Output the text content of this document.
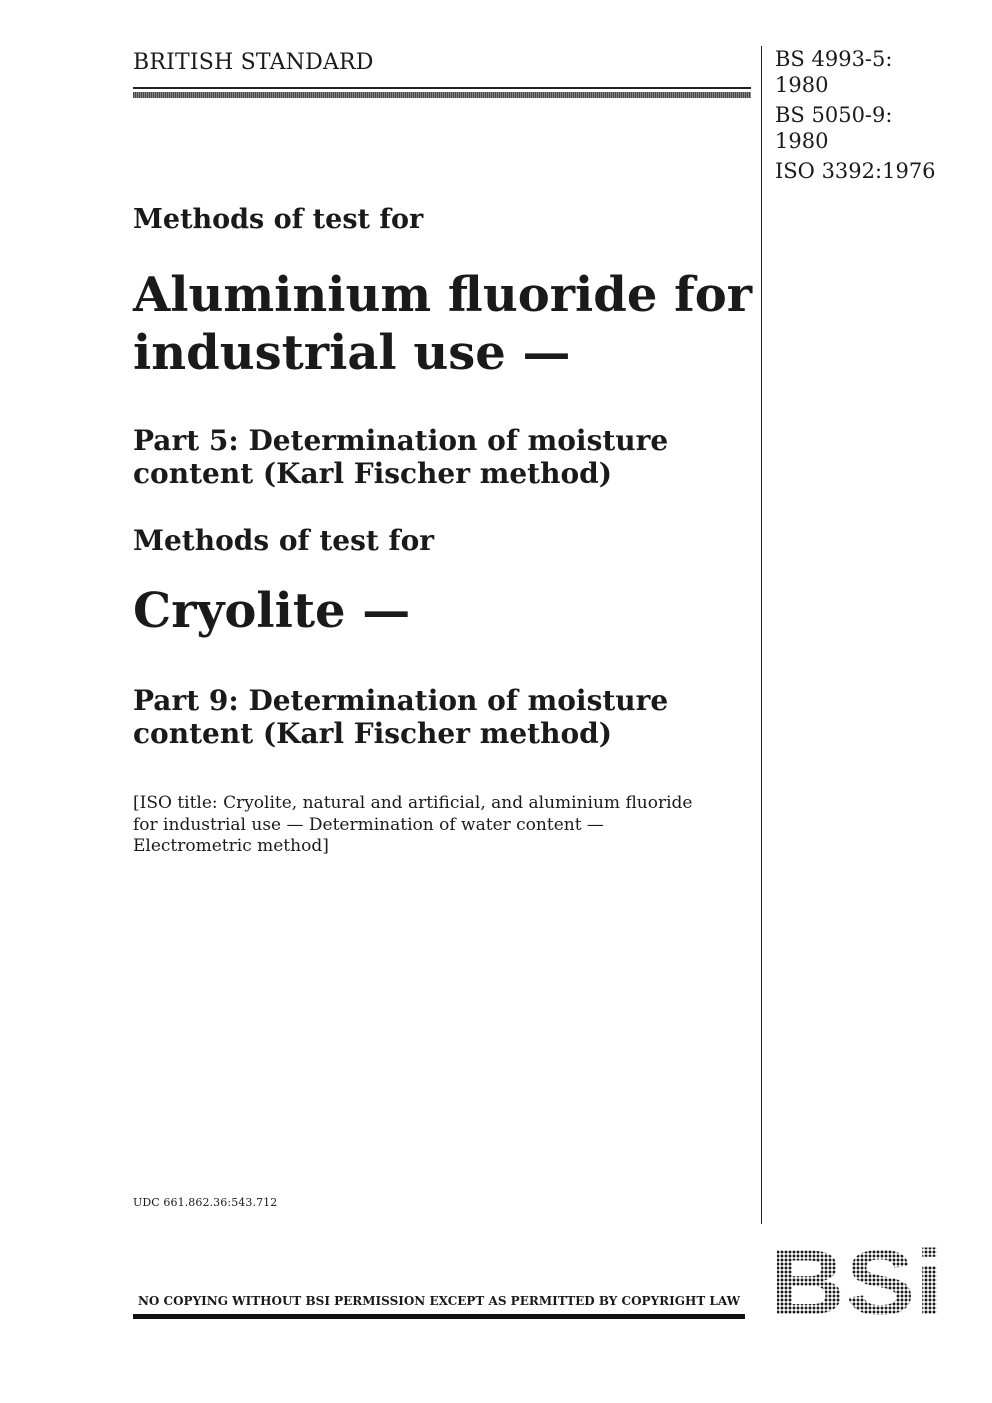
BRITISH STANDARD	BS 4993-5:
1980
BS 5050-9:
1980
ISO 3392:1976
Methods of test for
Aluminium fluoride for
industrial use —
Part 5: Determination of moisture
content (Karl Fischer method)
Methods of test for
Cryolite —
Part 9: Determination of moisture
content (Karl Fischer method)
[ISO title: Cryolite, natural and artificial, and aluminium fluoride
for industrial use — Determination of water content —
Electrometric method]
UDC 661.862.36:543.712
NO COPYING WITHOUT BSI PERMISSION EXCEPT AS PERMITTED BY COPYRIGHT LAW
